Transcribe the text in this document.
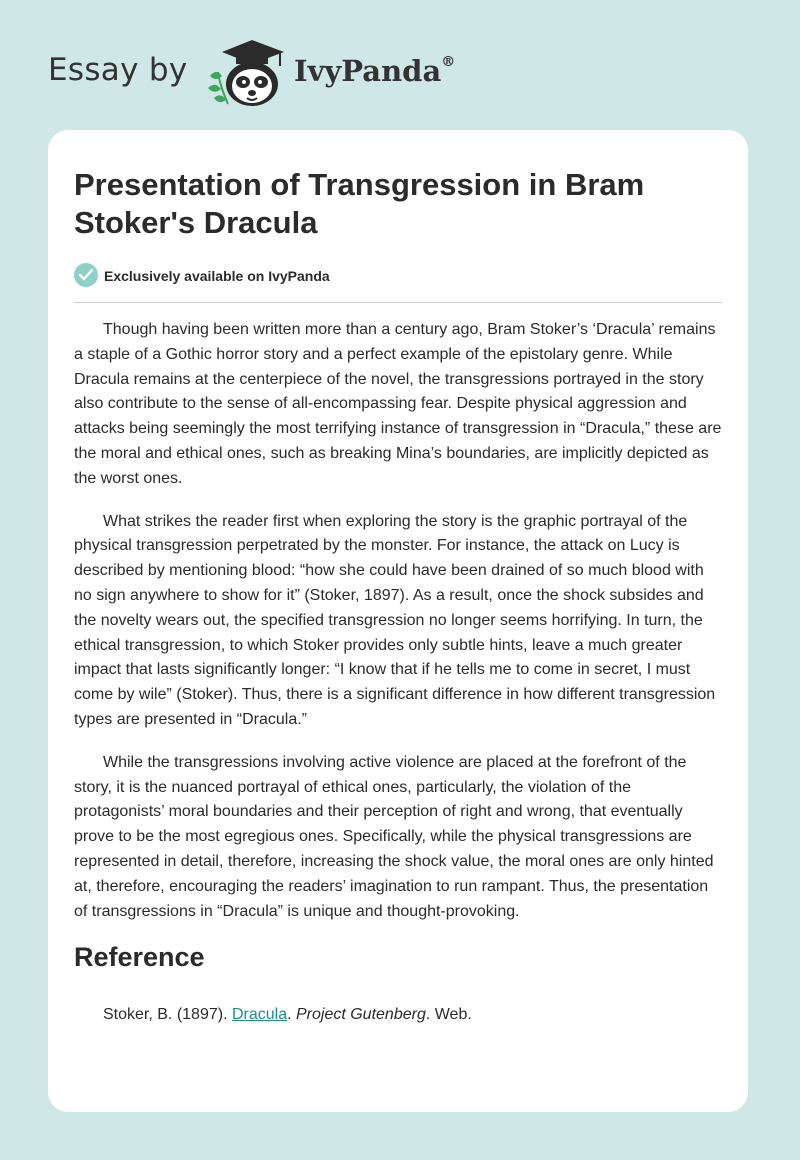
Essay by	IvyPanda®
Presentation of Transgression in Bram Stoker's Dracula
Exclusively available on IvyPanda

Though having been written more than a century ago, Bram Stoker’s ‘Dracula’ remains a staple of a Gothic horror story and a perfect example of the epistolary genre. While Dracula remains at the centerpiece of the novel, the transgressions portrayed in the story also contribute to the sense of all-encompassing fear. Despite physical aggression and attacks being seemingly the most terrifying instance of transgression in “Dracula,” these are the moral and ethical ones, such as breaking Mina’s boundaries, are implicitly depicted as the worst ones.

What strikes the reader first when exploring the story is the graphic portrayal of the physical transgression perpetrated by the monster. For instance, the attack on Lucy is described by mentioning blood: “how she could have been drained of so much blood with no sign anywhere to show for it” (Stoker, 1897). As a result, once the shock subsides and the novelty wears out, the specified transgression no longer seems horrifying. In turn, the ethical transgression, to which Stoker provides only subtle hints, leave a much greater impact that lasts significantly longer: “I know that if he tells me to come in secret, I must come by wile” (Stoker). Thus, there is a significant difference in how different transgression types are presented in “Dracula.”

While the transgressions involving active violence are placed at the forefront of the story, it is the nuanced portrayal of ethical ones, particularly, the violation of the protagonists’ moral boundaries and their perception of right and wrong, that eventually prove to be the most egregious ones. Specifically, while the physical transgressions are represented in detail, therefore, increasing the shock value, the moral ones are only hinted at, therefore, encouraging the readers’ imagination to run rampant. Thus, the presentation of transgressions in “Dracula” is unique and thought-provoking.

Reference
Stoker, B. (1897). Dracula. Project Gutenberg. Web.
